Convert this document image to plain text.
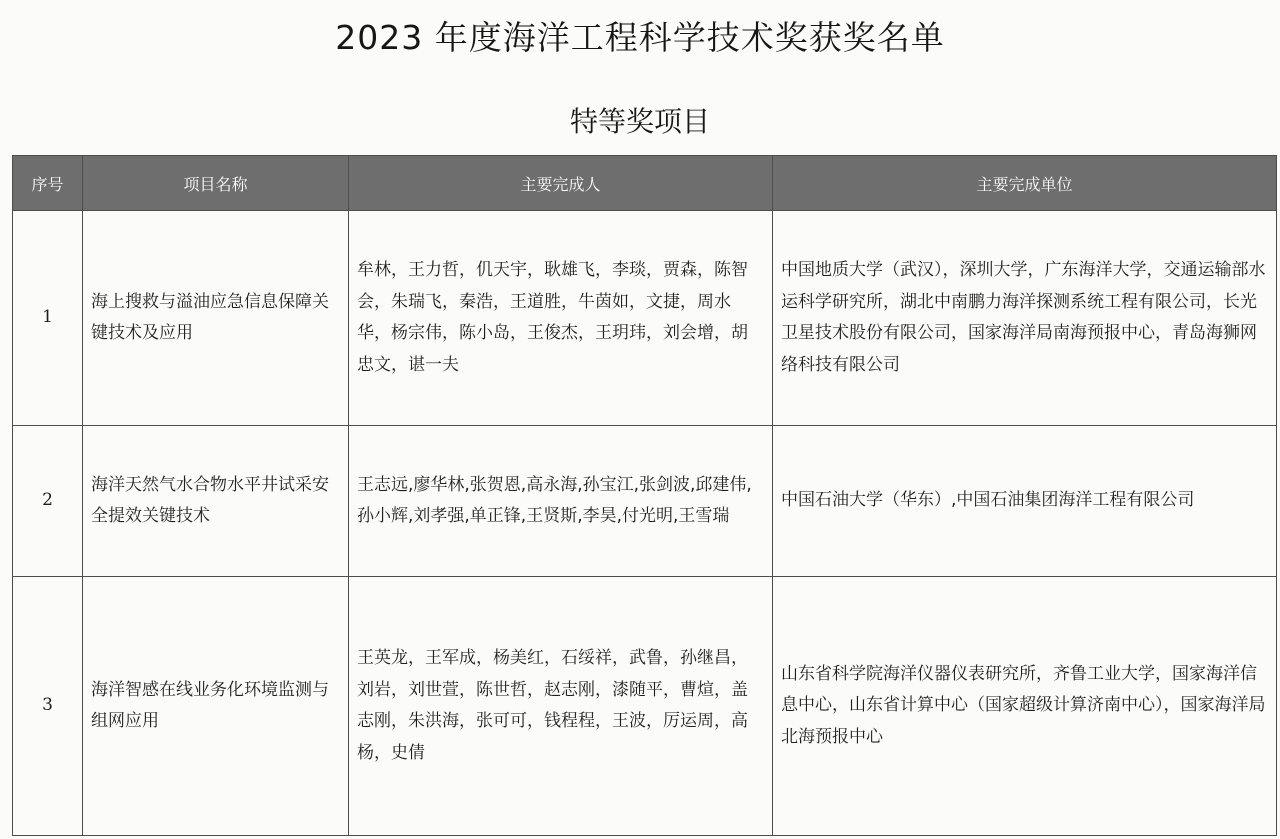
2023 年度海洋工程科学技术奖获奖名单
特等奖项目
序号	项目名称	主要完成人	主要完成单位
1	海上搜救与溢油应急信息保障关键技术及应用	牟林，王力哲，仉天宇，耿雄飞，李琰，贾森，陈智会，朱瑞飞，秦浩，王道胜，牛茵如，文捷，周水华，杨宗伟，陈小岛，王俊杰，王玥玮，刘会增，胡忠文，谌一夫	中国地质大学（武汉），深圳大学，广东海洋大学，交通运输部水运科学研究所，湖北中南鹏力海洋探测系统工程有限公司，长光卫星技术股份有限公司，国家海洋局南海预报中心，青岛海狮网络科技有限公司
2	海洋天然气水合物水平井试采安全提效关键技术	王志远,廖华林,张贺恩,高永海,孙宝江,张剑波,邱建伟,孙小辉,刘孝强,单正锋,王贤斯,李昊,付光明,王雪瑞	中国石油大学（华东）,中国石油集团海洋工程有限公司
3	海洋智感在线业务化环境监测与组网应用	王英龙，王军成，杨美红，石绥祥，武鲁，孙继昌，刘岩，刘世萱，陈世哲，赵志刚，漆随平，曹煊，盖志刚，朱洪海，张可可，钱程程，王波，厉运周，高杨，史倩	山东省科学院海洋仪器仪表研究所，齐鲁工业大学，国家海洋信息中心，山东省计算中心（国家超级计算济南中心），国家海洋局北海预报中心
